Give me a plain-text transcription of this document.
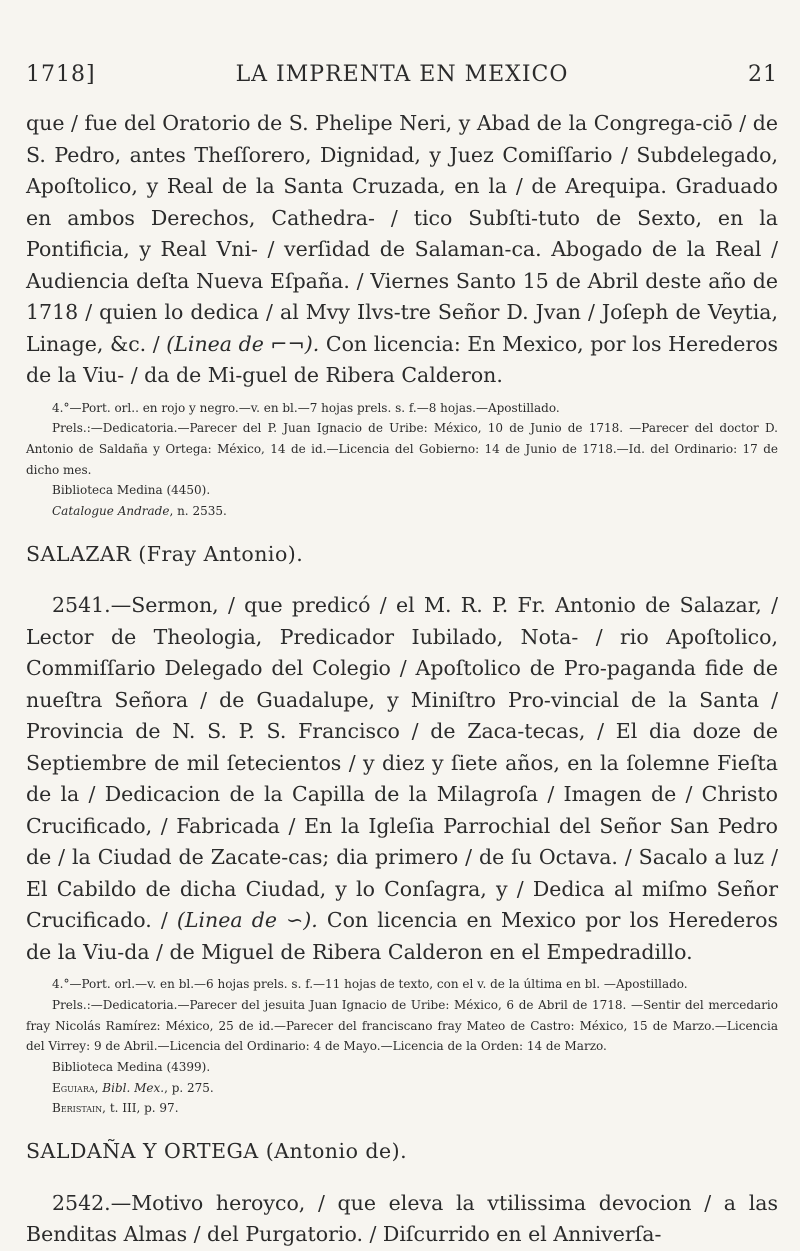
1718]	LA IMPRENTA EN MEXICO	21

que / fue del Oratorio de S. Phelipe Neri, y Abad de la Congrega-ciō / de S. Pedro, antes Theſſorero, Dignidad, y Juez Comiſſario / Subdelegado, Apoſtolico, y Real de la Santa Cruzada, en la / de Arequipa. Graduado en ambos Derechos, Cathedra- / tico Subſti-tuto de Sexto, en la Pontificia, y Real Vni- / verſidad de Salaman-ca. Abogado de la Real / Audiencia deſta Nueva Eſpaña. / Viernes Santo 15 de Abril deste año de 1718 / quien lo dedica / al Mvy Ilvs-tre Señor D. Jvan / Joſeph de Veytia, Linage, &c. / (Linea de ⌐¬). Con licencia: En Mexico, por los Herederos de la Viu- / da de Mi-guel de Ribera Calderon.

4.°—Port. orl.. en rojo y negro.—v. en bl.—7 hojas prels. s. f.—8 hojas.—Apostillado.

Prels.:—Dedicatoria.—Parecer del P. Juan Ignacio de Uribe: México, 10 de Junio de 1718. —Parecer del doctor D. Antonio de Saldaña y Ortega: México, 14 de id.—Licencia del Gobierno: 14 de Junio de 1718.—Id. del Ordinario: 17 de dicho mes.

Biblioteca Medina (4450).

Catalogue Andrade, n. 2535.

SALAZAR (Fray Antonio).

2541.—Sermon, / que predicó / el M. R. P. Fr. Antonio de Salazar, / Lector de Theologia, Predicador Iubilado, Nota- / rio Apoſtolico, Commiſſario Delegado del Colegio / Apoſtolico de Pro-paganda fide de nueſtra Señora / de Guadalupe, y Miniſtro Pro-vincial de la Santa / Provincia de N. S. P. S. Francisco / de Zaca-tecas, / El dia doze de Septiembre de mil ſetecientos / y diez y ſiete años, en la ſolemne Fieſta de la / Dedicacion de la Capilla de la Milagroſa / Imagen de / Christo Crucificado, / Fabricada / En la Igleſia Parrochial del Señor San Pedro de / la Ciudad de Zacate-cas; dia primero / de ſu Octava. / Sacalo a luz / El Cabildo de dicha Ciudad, y lo Conſagra, y / Dedica al miſmo Señor Crucificado. / (Linea de ∽). Con licencia en Mexico por los Herederos de la Viu-da / de Miguel de Ribera Calderon en el Empedradillo.

4.°—Port. orl.—v. en bl.—6 hojas prels. s. f.—11 hojas de texto, con el v. de la última en bl. —Apostillado.

Prels.:—Dedicatoria.—Parecer del jesuita Juan Ignacio de Uribe: México, 6 de Abril de 1718. —Sentir del mercedario fray Nicolás Ramírez: México, 25 de id.—Parecer del franciscano fray Mateo de Castro: México, 15 de Marzo.—Licencia del Virrey: 9 de Abril.—Licencia del Ordinario: 4 de Mayo.—Licencia de la Orden: 14 de Marzo.

Biblioteca Medina (4399).

Eguiara, Bibl. Mex., p. 275.

Beristain, t. III, p. 97.

SALDAÑA Y ORTEGA (Antonio de).

2542.—Motivo heroyco, / que eleva la vtilissima devocion / a las Benditas Almas / del Purgatorio. / Diſcurrido en el Anniverſa-
